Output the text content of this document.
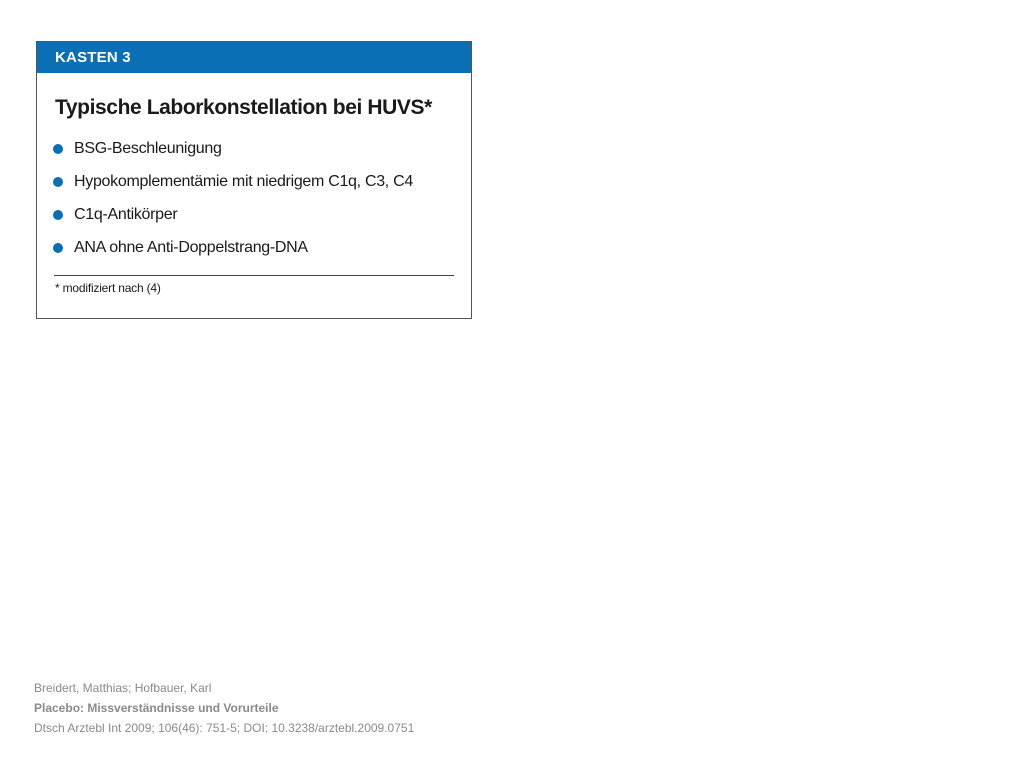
KASTEN 3
Typische Laborkonstellation bei HUVS*
BSG-Beschleunigung
Hypokomplementämie mit niedrigem C1q, C3, C4
C1q-Antikörper
ANA ohne Anti-Doppelstrang-DNA
* modifiziert nach (4)
Breidert, Matthias; Hofbauer, Karl
Placebo: Missverständnisse und Vorurteile
Dtsch Arztebl Int 2009; 106(46): 751-5; DOI: 10.3238/arztebl.2009.0751
